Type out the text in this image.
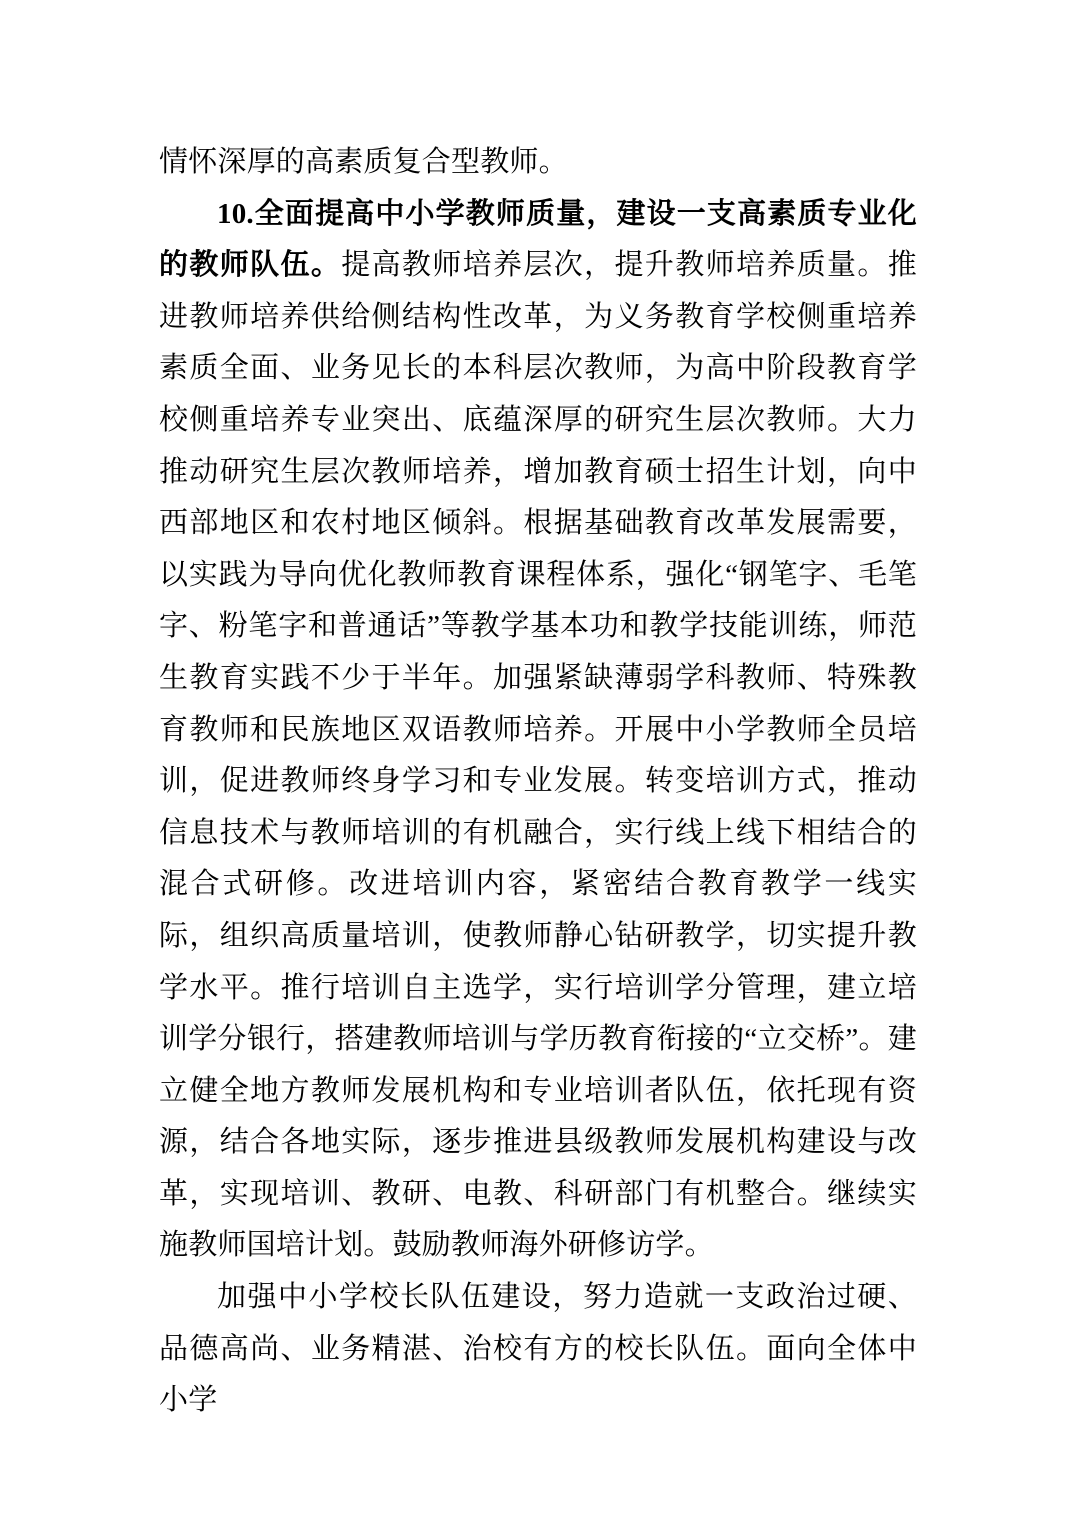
情怀深厚的高素质复合型教师。

10.全面提高中小学教师质量，建设一支高素质专业化的教师队伍。提高教师培养层次，提升教师培养质量。推进教师培养供给侧结构性改革，为义务教育学校侧重培养素质全面、业务见长的本科层次教师，为高中阶段教育学校侧重培养专业突出、底蕴深厚的研究生层次教师。大力推动研究生层次教师培养，增加教育硕士招生计划，向中西部地区和农村地区倾斜。根据基础教育改革发展需要，以实践为导向优化教师教育课程体系，强化“钢笔字、毛笔字、粉笔字和普通话”等教学基本功和教学技能训练，师范生教育实践不少于半年。加强紧缺薄弱学科教师、特殊教育教师和民族地区双语教师培养。开展中小学教师全员培训，促进教师终身学习和专业发展。转变培训方式，推动信息技术与教师培训的有机融合，实行线上线下相结合的混合式研修。改进培训内容，紧密结合教育教学一线实际，组织高质量培训，使教师静心钻研教学，切实提升教学水平。推行培训自主选学，实行培训学分管理，建立培训学分银行，搭建教师培训与学历教育衔接的“立交桥”。建立健全地方教师发展机构和专业培训者队伍，依托现有资源，结合各地实际，逐步推进县级教师发展机构建设与改革，实现培训、教研、电教、科研部门有机整合。继续实施教师国培计划。鼓励教师海外研修访学。

加强中小学校长队伍建设，努力造就一支政治过硬、品德高尚、业务精湛、治校有方的校长队伍。面向全体中小学
